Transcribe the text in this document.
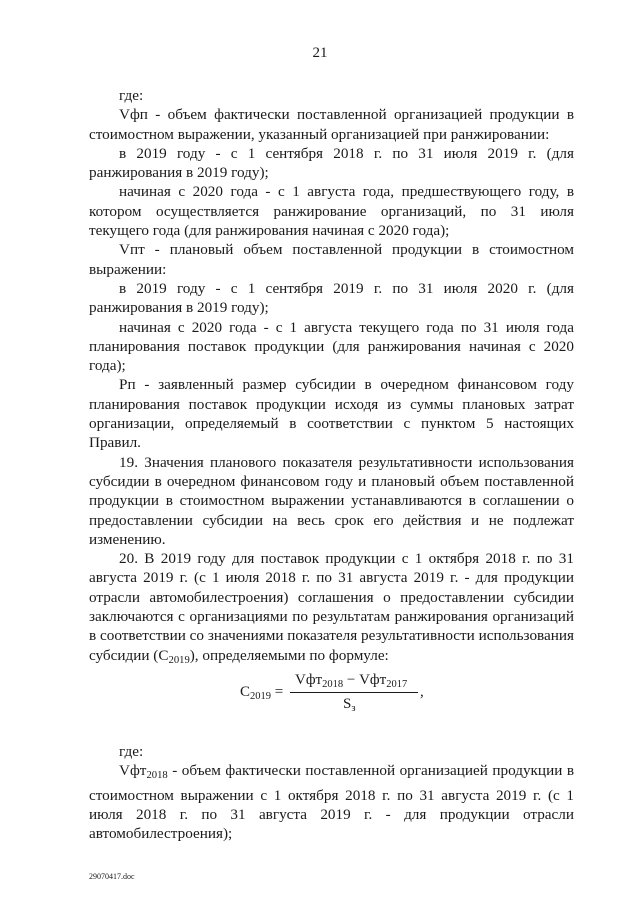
21

где:

Vфп - объем фактически поставленной организацией продукции в стоимостном выражении, указанный организацией при ранжировании:

в 2019 году - с 1 сентября 2018 г. по 31 июля 2019 г. (для ранжирования в 2019 году);

начиная с 2020 года - с 1 августа года, предшествующего году, в котором осуществляется ранжирование организаций, по 31 июля текущего года (для ранжирования начиная с 2020 года);

Vпт - плановый объем поставленной продукции в стоимостном выражении:

в 2019 году - с 1 сентября 2019 г. по 31 июля 2020 г. (для ранжирования в 2019 году);

начиная с 2020 года - с 1 августа текущего года по 31 июля года планирования поставок продукции (для ранжирования начиная с 2020 года);

Pп - заявленный размер субсидии в очередном финансовом году планирования поставок продукции исходя из суммы плановых затрат организации, определяемый в соответствии с пунктом 5 настоящих Правил.

19. Значения планового показателя результативности использования субсидии в очередном финансовом году и плановый объем поставленной продукции в стоимостном выражении устанавливаются в соглашении о предоставлении субсидии на весь срок его действия и не подлежат изменению.

20. В 2019 году для поставок продукции с 1 октября 2018 г. по 31 августа 2019 г. (с 1 июля 2018 г. по 31 августа 2019 г. - для продукции отрасли автомобилестроения) соглашения о предоставлении субсидии заключаются с организациями по результатам ранжирования организаций в соответствии со значениями показателя результативности использования субсидии $(C_{2019})$, определяемыми по формуле:

$C_{2019}$ =
Vфт$_{2018}$ − Vфт$_{2017}$
$S_з$
,

где:

Vфт$_{2018}$ - объем фактически поставленной организацией продукции в стоимостном выражении с 1 октября 2018 г. по 31 августа 2019 г. (с 1 июля 2018 г. по 31 августа 2019 г. - для продукции отрасли автомобилестроения);

29070417.doc
